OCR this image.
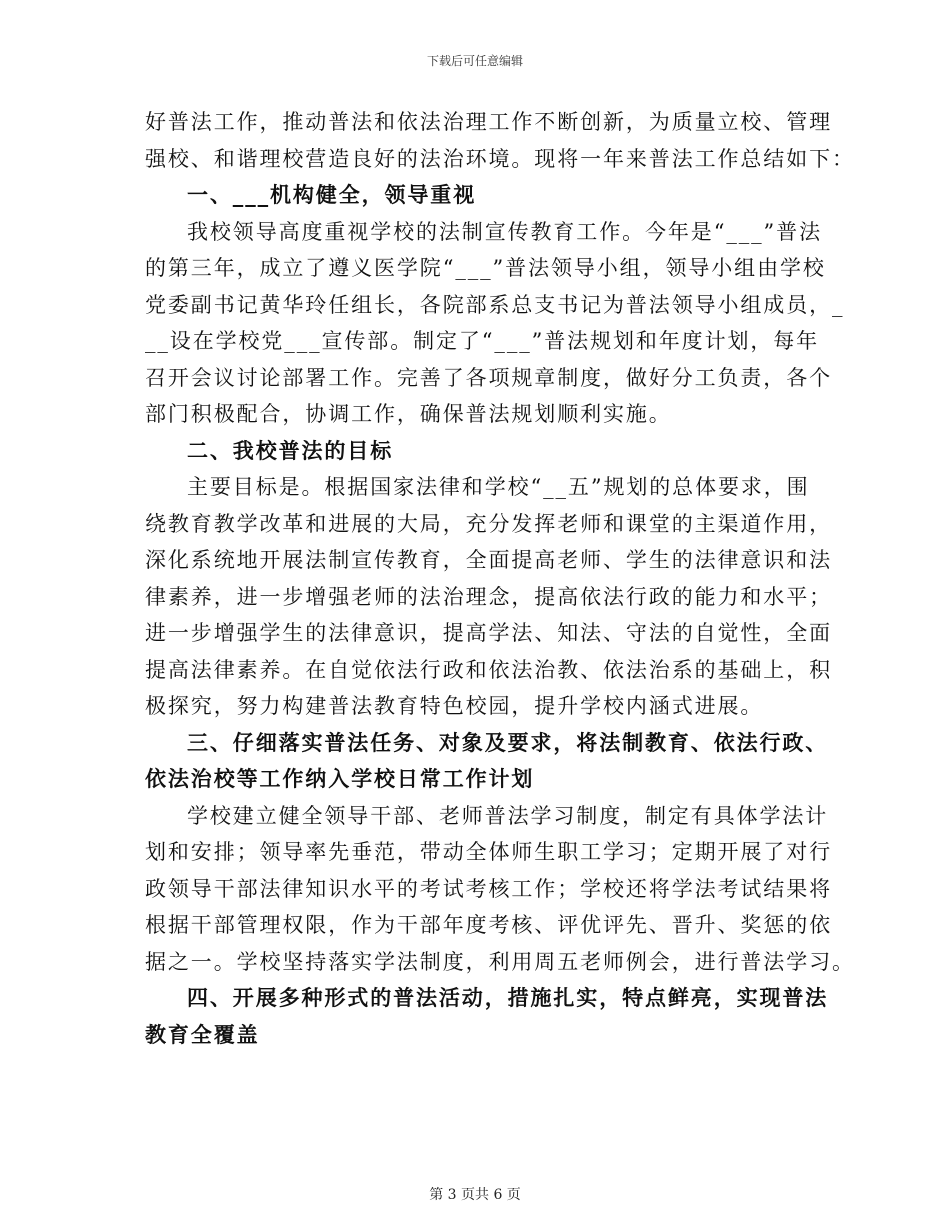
下载后可任意编辑
好普法工作，推动普法和依法治理工作不断创新，为质量立校、管理
强校、和谐理校营造良好的法治环境。现将一年来普法工作总结如下：
一、___机构健全，领导重视
我校领导高度重视学校的法制宣传教育工作。今年是“___”普法
的第三年，成立了遵义医学院“___”普法领导小组，领导小组由学校
党委副书记黄华玲任组长，各院部系总支书记为普法领导小组成员，_
__设在学校党___宣传部。制定了“___”普法规划和年度计划，每年
召开会议讨论部署工作。完善了各项规章制度，做好分工负责，各个
部门积极配合，协调工作，确保普法规划顺利实施。
二、我校普法的目标
主要目标是。根据国家法律和学校“__五”规划的总体要求，围
绕教育教学改革和进展的大局，充分发挥老师和课堂的主渠道作用，
深化系统地开展法制宣传教育，全面提高老师、学生的法律意识和法
律素养，进一步增强老师的法治理念，提高依法行政的能力和水平；
进一步增强学生的法律意识，提高学法、知法、守法的自觉性，全面
提高法律素养。在自觉依法行政和依法治教、依法治系的基础上，积
极探究，努力构建普法教育特色校园，提升学校内涵式进展。
三、仔细落实普法任务、对象及要求，将法制教育、依法行政、
依法治校等工作纳入学校日常工作计划
学校建立健全领导干部、老师普法学习制度，制定有具体学法计
划和安排；领导率先垂范，带动全体师生职工学习；定期开展了对行
政领导干部法律知识水平的考试考核工作；学校还将学法考试结果将
根据干部管理权限，作为干部年度考核、评优评先、晋升、奖惩的依
据之一。学校坚持落实学法制度，利用周五老师例会，进行普法学习。
四、开展多种形式的普法活动，措施扎实，特点鲜亮，实现普法
教育全覆盖
第 3 页共 6 页
